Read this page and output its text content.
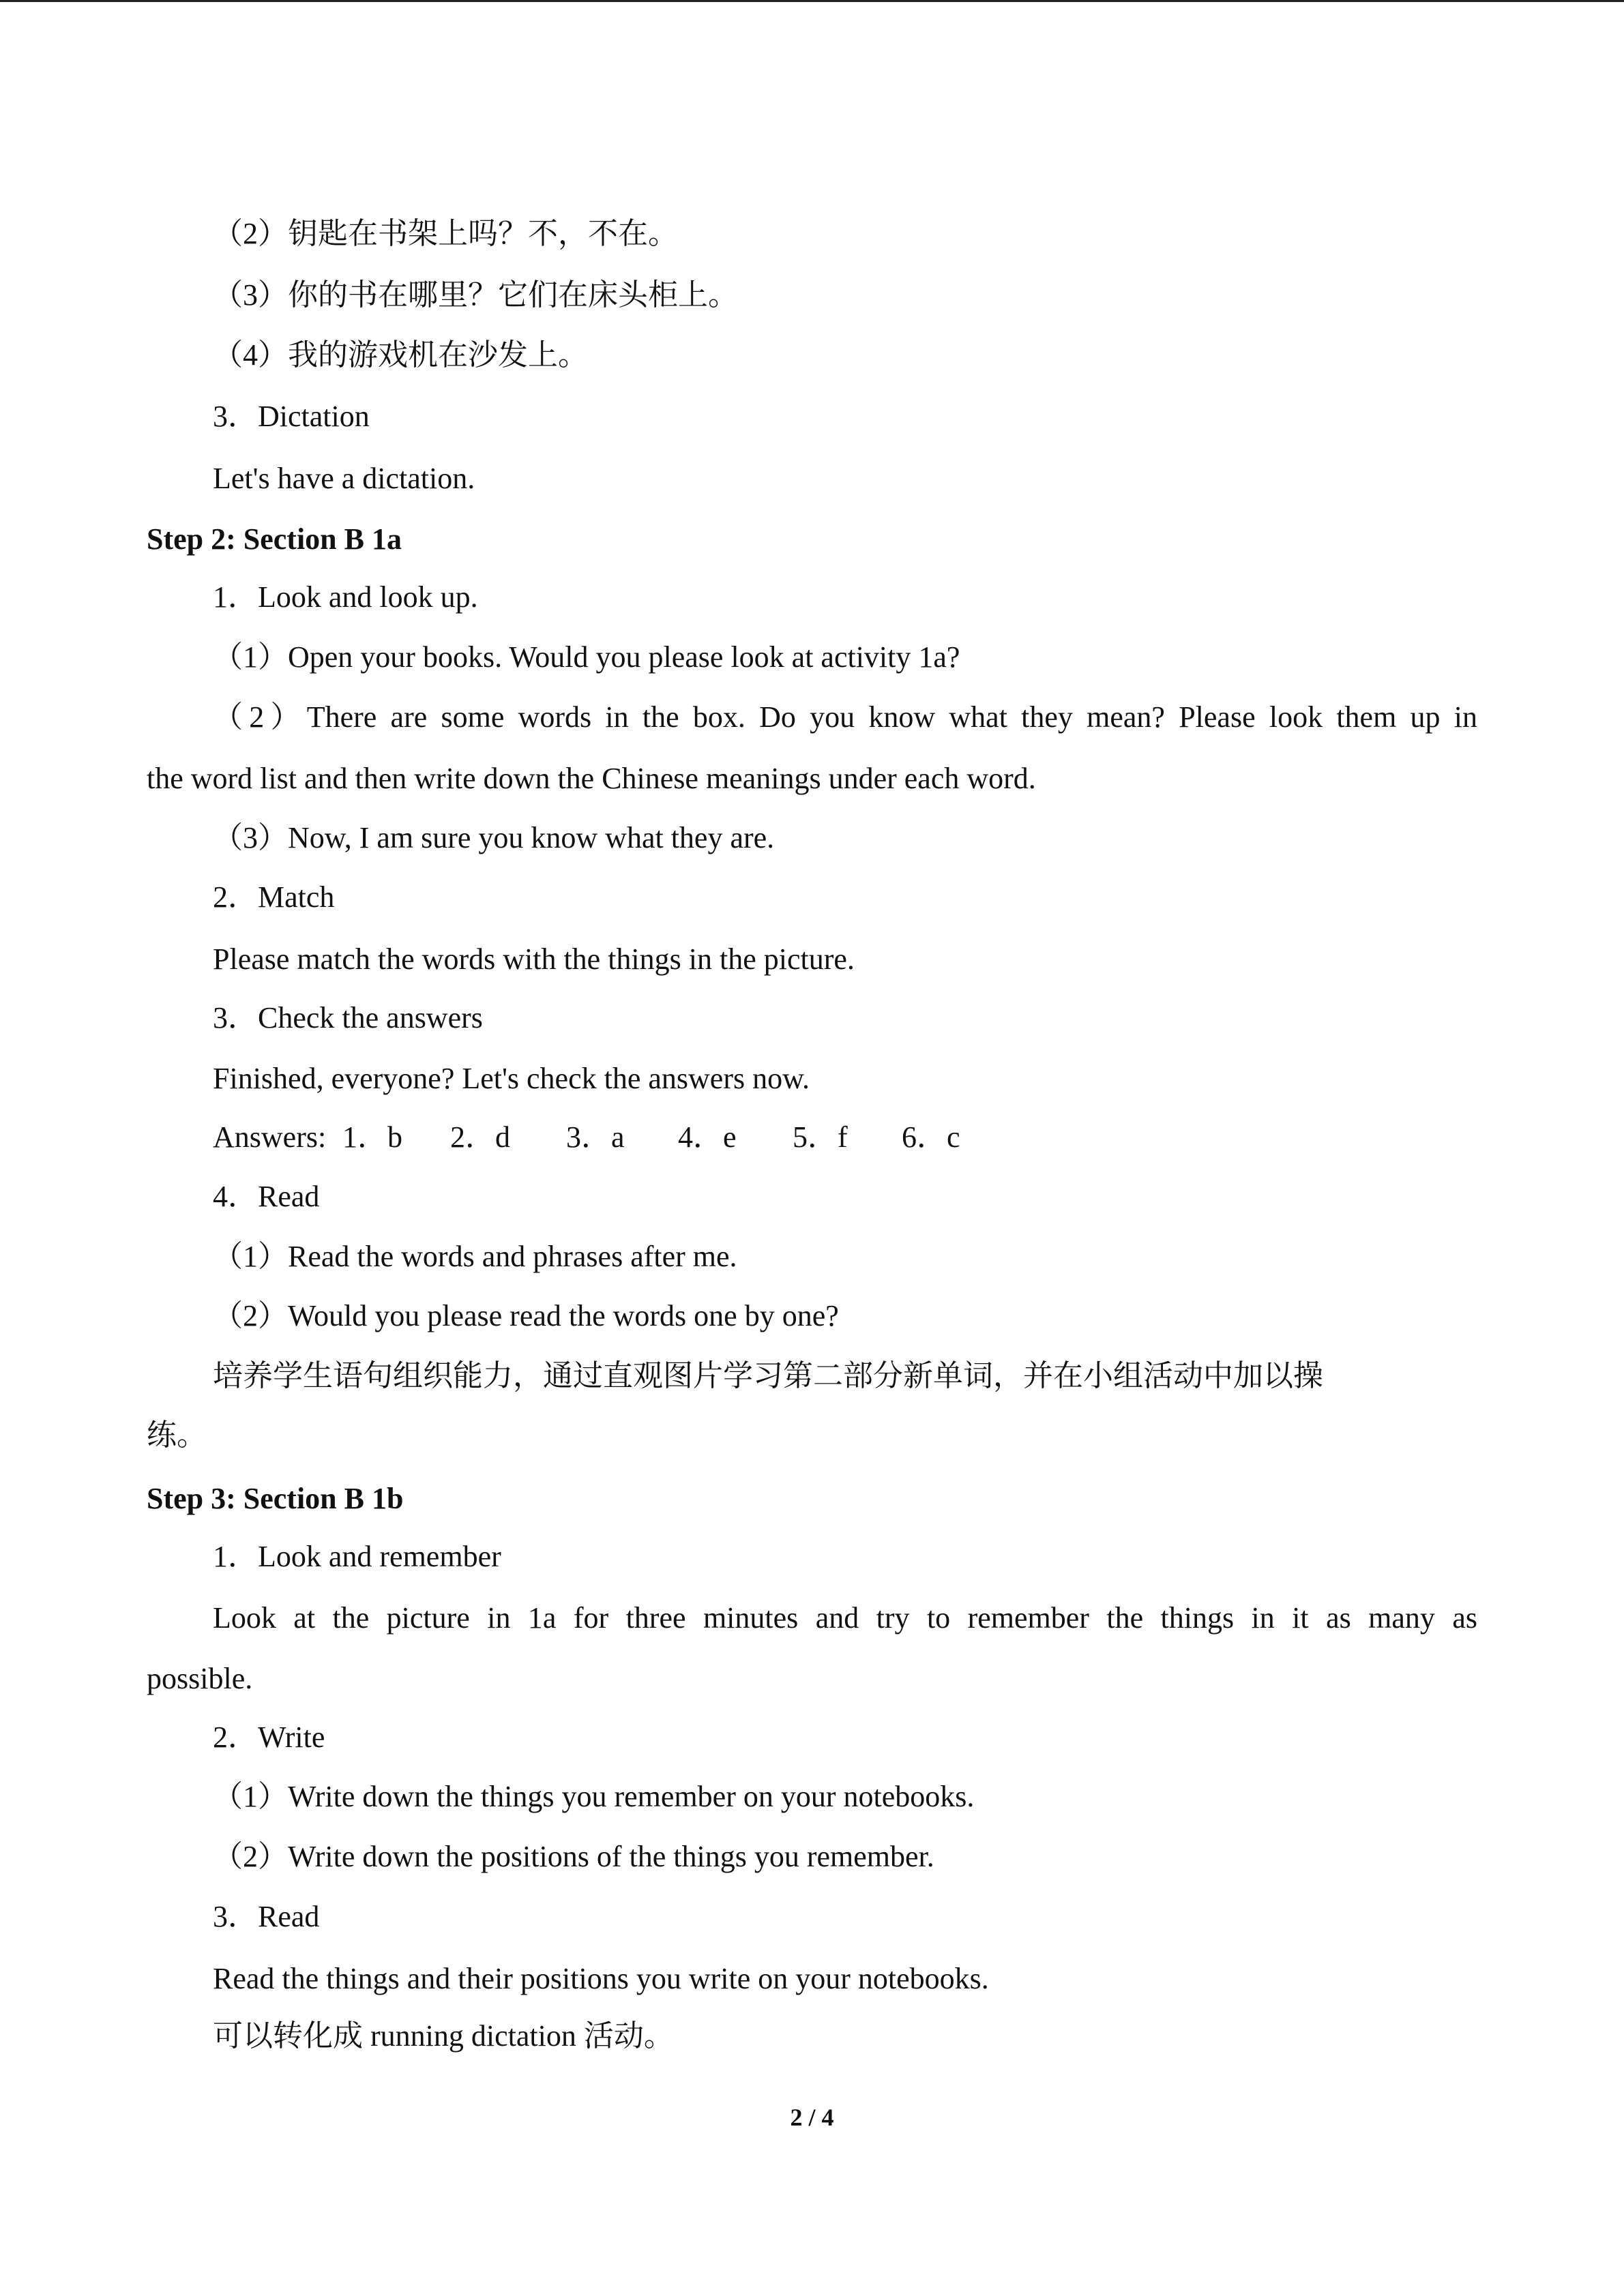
（2）钥匙在书架上吗？不，不在。
（3）你的书在哪里？它们在床头柜上。
（4）我的游戏机在沙发上。
3．Dictation
Let's have a dictation.
Step 2: Section B 1a
1．Look and look up.
（1）Open your books. Would you please look at activity 1a?
（2）There are some words in the box. Do you know what they mean? Please look them up in
the word list and then write down the Chinese meanings under each word.
（3）Now, I am sure you know what they are.
2．Match
Please match the words with the things in the picture.
3．Check the answers
Finished, everyone? Let's check the answers now.
Answers: 1．b 2．d 3．a 4．e 5．f 6．c
4．Read
（1）Read the words and phrases after me.
（2）Would you please read the words one by one?
培养学生语句组织能力，通过直观图片学习第二部分新单词，并在小组活动中加以操
练。
Step 3: Section B 1b
1．Look and remember
Look at the picture in 1a for three minutes and try to remember the things in it as many as
possible.
2．Write
（1）Write down the things you remember on your notebooks.
（2）Write down the positions of the things you remember.
3．Read
Read the things and their positions you write on your notebooks.
可以转化成 running dictation 活动。
2 / 4
